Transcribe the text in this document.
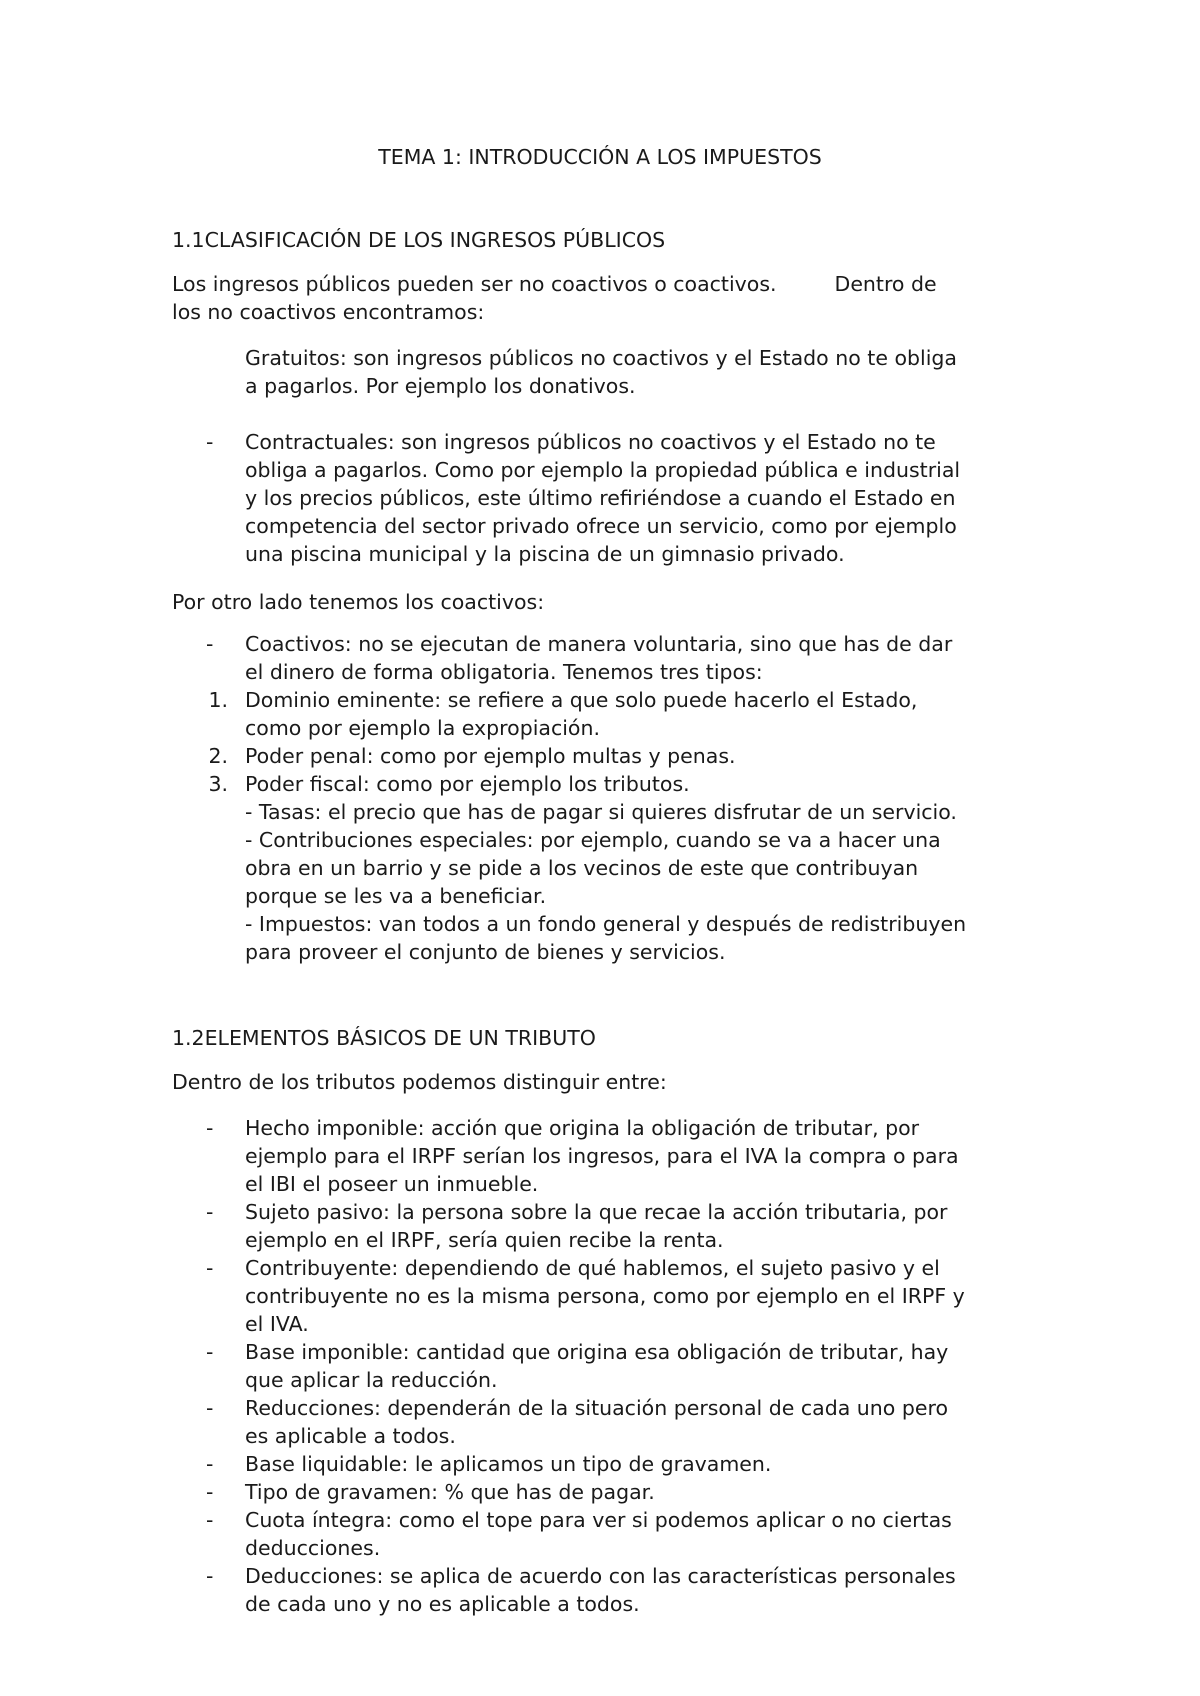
TEMA 1: INTRODUCCIÓN A LOS IMPUESTOS
1.1CLASIFICACIÓN DE LOS INGRESOS PÚBLICOS
Los ingresos públicos pueden ser no coactivos o coactivos.	Dentro de
los no coactivos encontramos:
Gratuitos: son ingresos públicos no coactivos y el Estado no te obliga
a pagarlos. Por ejemplo los donativos.
- Contractuales: son ingresos públicos no coactivos y el Estado no te
obliga a pagarlos. Como por ejemplo la propiedad pública e industrial
y los precios públicos, este último refiriéndose a cuando el Estado en
competencia del sector privado ofrece un servicio, como por ejemplo
una piscina municipal y la piscina de un gimnasio privado.
Por otro lado tenemos los coactivos:
- Coactivos: no se ejecutan de manera voluntaria, sino que has de dar
el dinero de forma obligatoria. Tenemos tres tipos:
1. Dominio eminente: se refiere a que solo puede hacerlo el Estado,
como por ejemplo la expropiación.
2. Poder penal: como por ejemplo multas y penas.
3. Poder fiscal: como por ejemplo los tributos.
- Tasas: el precio que has de pagar si quieres disfrutar de un servicio.
- Contribuciones especiales: por ejemplo, cuando se va a hacer una
obra en un barrio y se pide a los vecinos de este que contribuyan
porque se les va a beneficiar.
- Impuestos: van todos a un fondo general y después de redistribuyen
para proveer el conjunto de bienes y servicios.
1.2ELEMENTOS BÁSICOS DE UN TRIBUTO
Dentro de los tributos podemos distinguir entre:
- Hecho imponible: acción que origina la obligación de tributar, por
ejemplo para el IRPF serían los ingresos, para el IVA la compra o para
el IBI el poseer un inmueble.
- Sujeto pasivo: la persona sobre la que recae la acción tributaria, por
ejemplo en el IRPF, sería quien recibe la renta.
- Contribuyente: dependiendo de qué hablemos, el sujeto pasivo y el
contribuyente no es la misma persona, como por ejemplo en el IRPF y
el IVA.
- Base imponible: cantidad que origina esa obligación de tributar, hay
que aplicar la reducción.
- Reducciones: dependerán de la situación personal de cada uno pero
es aplicable a todos.
- Base liquidable: le aplicamos un tipo de gravamen.
- Tipo de gravamen: % que has de pagar.
- Cuota íntegra: como el tope para ver si podemos aplicar o no ciertas
deducciones.
- Deducciones: se aplica de acuerdo con las características personales
de cada uno y no es aplicable a todos.
